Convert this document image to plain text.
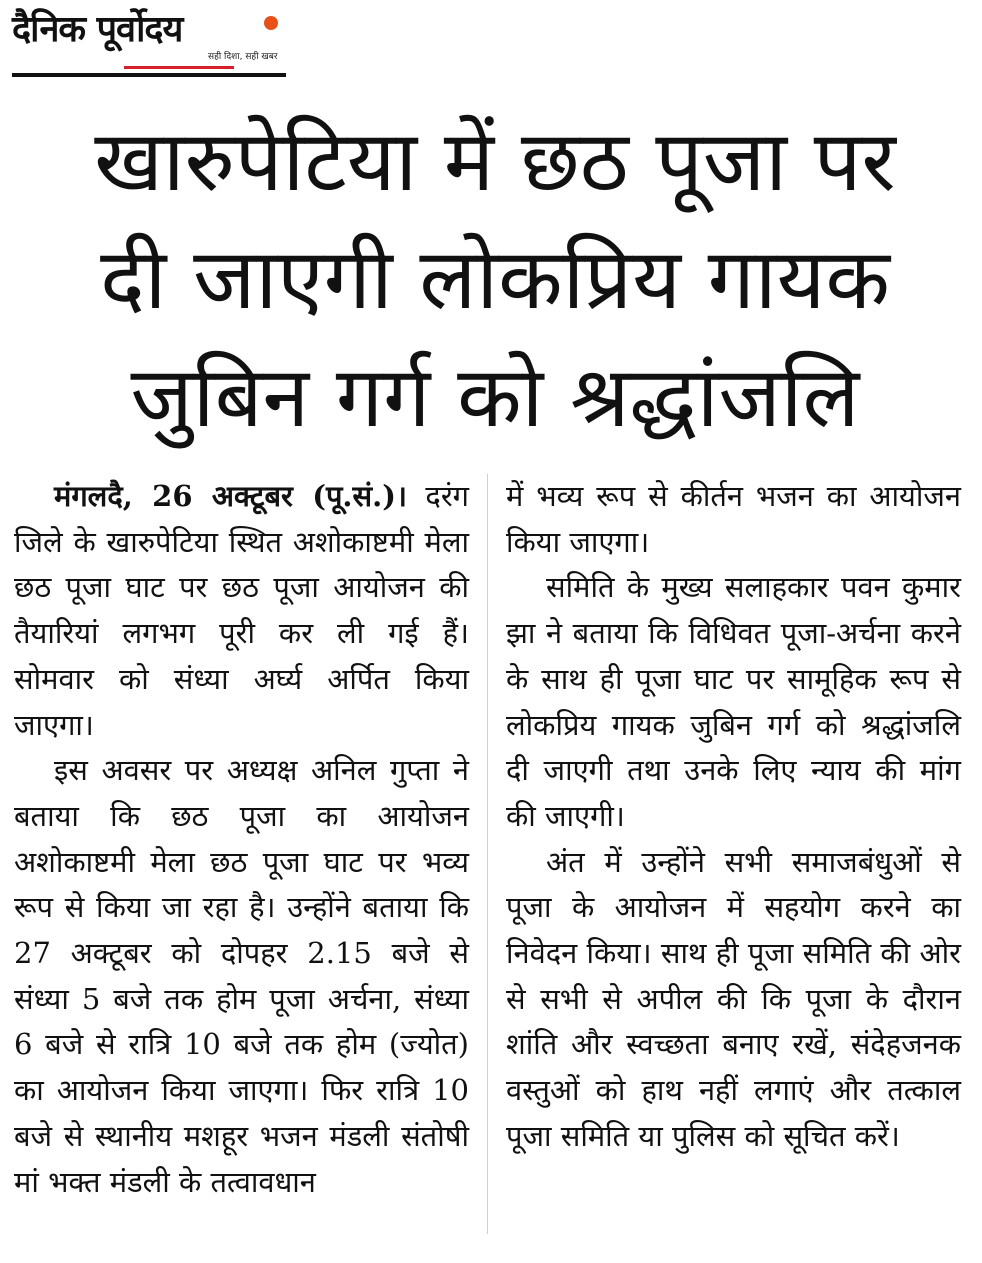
दैनिक पूर्वोदय
सही दिशा, सही खबर
खारुपेटिया में छठ पूजा पर
दी जाएगी लोकप्रिय गायक
जुबिन गर्ग को श्रद्धांजलि

मंगलदै, 26 अक्टूबर (पू.सं.)। दरंग जिले के खारुपेटिया स्थित अशोकाष्टमी मेला छठ पूजा घाट पर छठ पूजा आयोजन की तैयारियां लगभग पूरी कर ली गई हैं। सोमवार को संध्या अर्घ्य अर्पित किया जाएगा।

इस अवसर पर अध्यक्ष अनिल गुप्ता ने बताया कि छठ पूजा का आयोजन अशोकाष्टमी मेला छठ पूजा घाट पर भव्य रूप से किया जा रहा है। उन्होंने बताया कि 27 अक्टूबर को दोपहर 2.15 बजे से संध्या 5 बजे तक होम पूजा अर्चना, संध्या 6 बजे से रात्रि 10 बजे तक होम (ज्योत) का आयोजन किया जाएगा। फिर रात्रि 10 बजे से स्थानीय मशहूर भजन मंडली संतोषी मां भक्त मंडली के तत्वावधान

में भव्य रूप से कीर्तन भजन का आयोजन किया जाएगा।

समिति के मुख्य सलाहकार पवन कुमार झा ने बताया कि विधिवत पूजा-अर्चना करने के साथ ही पूजा घाट पर सामूहिक रूप से लोकप्रिय गायक जुबिन गर्ग को श्रद्धांजलि दी जाएगी तथा उनके लिए न्याय की मांग की जाएगी।

अंत में उन्होंने सभी समाजबंधुओं से पूजा के आयोजन में सहयोग करने का निवेदन किया। साथ ही पूजा समिति की ओर से सभी से अपील की कि पूजा के दौरान शांति और स्वच्छता बनाए रखें, संदेहजनक वस्तुओं को हाथ नहीं लगाएं और तत्काल पूजा समिति या पुलिस को सूचित करें।
